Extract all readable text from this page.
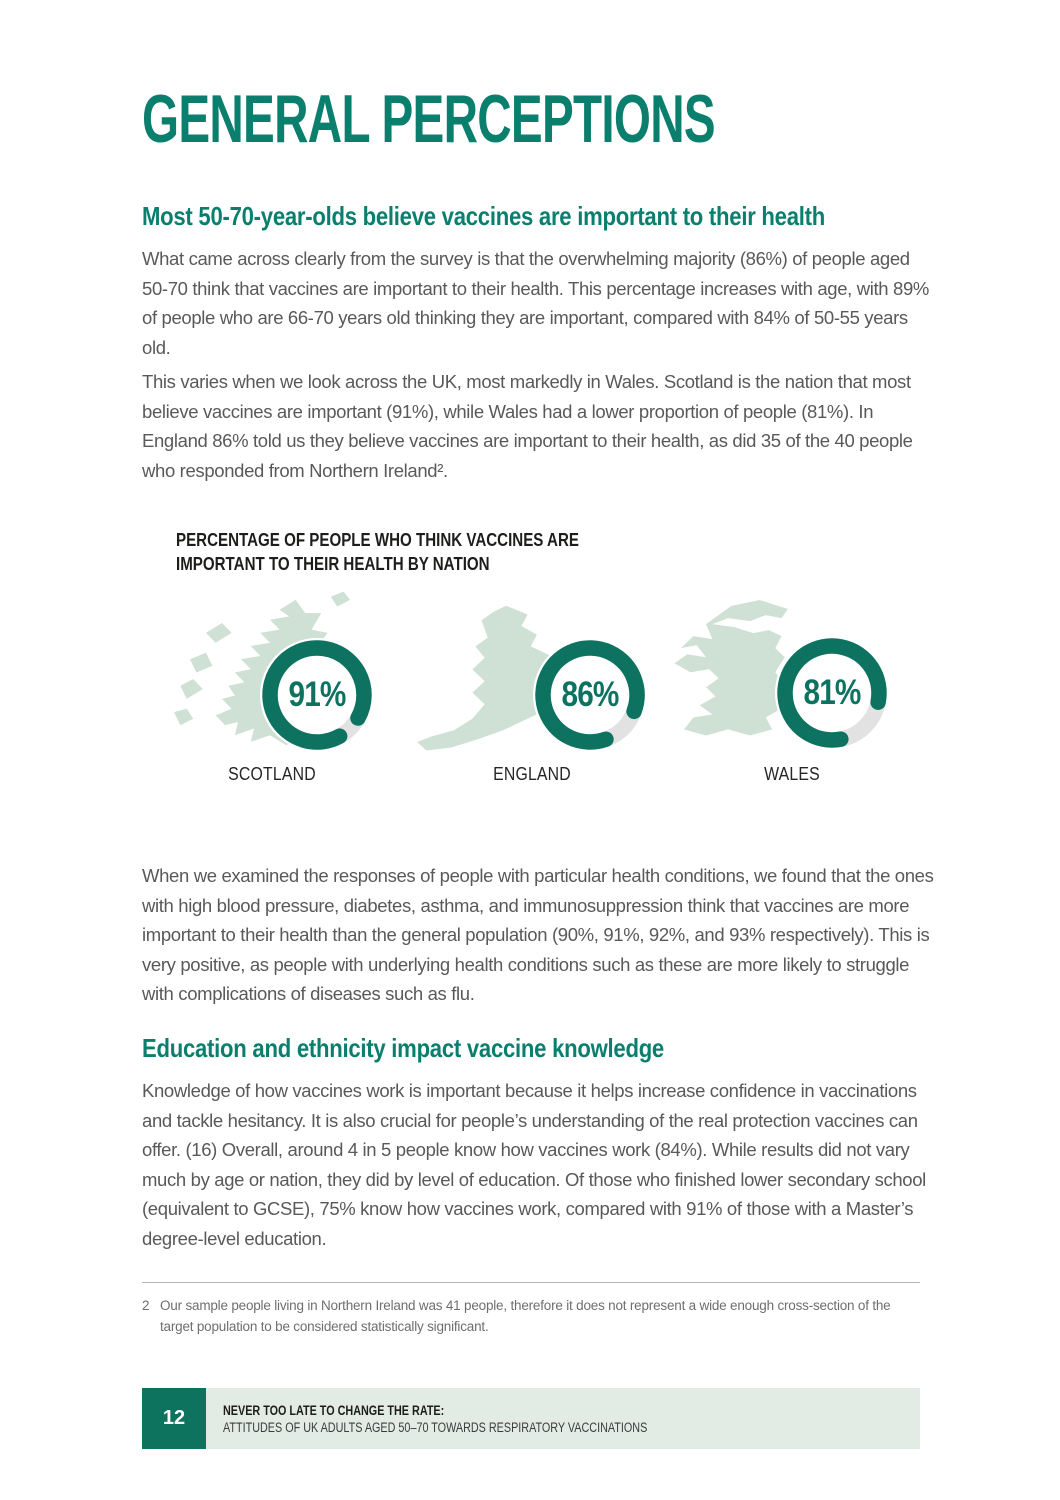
GENERAL PERCEPTIONS
Most 50-70-year-olds believe vaccines are important to their health

What came across clearly from the survey is that the overwhelming majority (86%) of people aged 50-70 think that vaccines are important to their health. This percentage increases with age, with 89% of people who are 66-70 years old thinking they are important, compared with 84% of 50-55 years old.

This varies when we look across the UK, most markedly in Wales. Scotland is the nation that most believe vaccines are important (91%), while Wales had a lower proportion of people (81%). In England 86% told us they believe vaccines are important to their health, as did 35 of the 40 people who responded from Northern Ireland².

PERCENTAGE OF PEOPLE WHO THINK VACCINES ARE IMPORTANT TO THEIR HEALTH BY NATION
91%
SCOTLAND
86%
ENGLAND
81%
WALES

When we examined the responses of people with particular health conditions, we found that the ones with high blood pressure, diabetes, asthma, and immunosuppression think that vaccines are more important to their health than the general population (90%, 91%, 92%, and 93% respectively). This is very positive, as people with underlying health conditions such as these are more likely to struggle with complications of diseases such as flu.

Education and ethnicity impact vaccine knowledge

Knowledge of how vaccines work is important because it helps increase confidence in vaccinations and tackle hesitancy. It is also crucial for people’s understanding of the real protection vaccines can offer. (16) Overall, around 4 in 5 people know how vaccines work (84%). While results did not vary much by age or nation, they did by level of education. Of those who finished lower secondary school (equivalent to GCSE), 75% know how vaccines work, compared with 91% of those with a Master’s degree-level education.

2 Our sample people living in Northern Ireland was 41 people, therefore it does not represent a wide enough cross-section of the target population to be considered statistically significant.
12	NEVER TOO LATE TO CHANGE THE RATE:
ATTITUDES OF UK ADULTS AGED 50–70 TOWARDS RESPIRATORY VACCINATIONS
